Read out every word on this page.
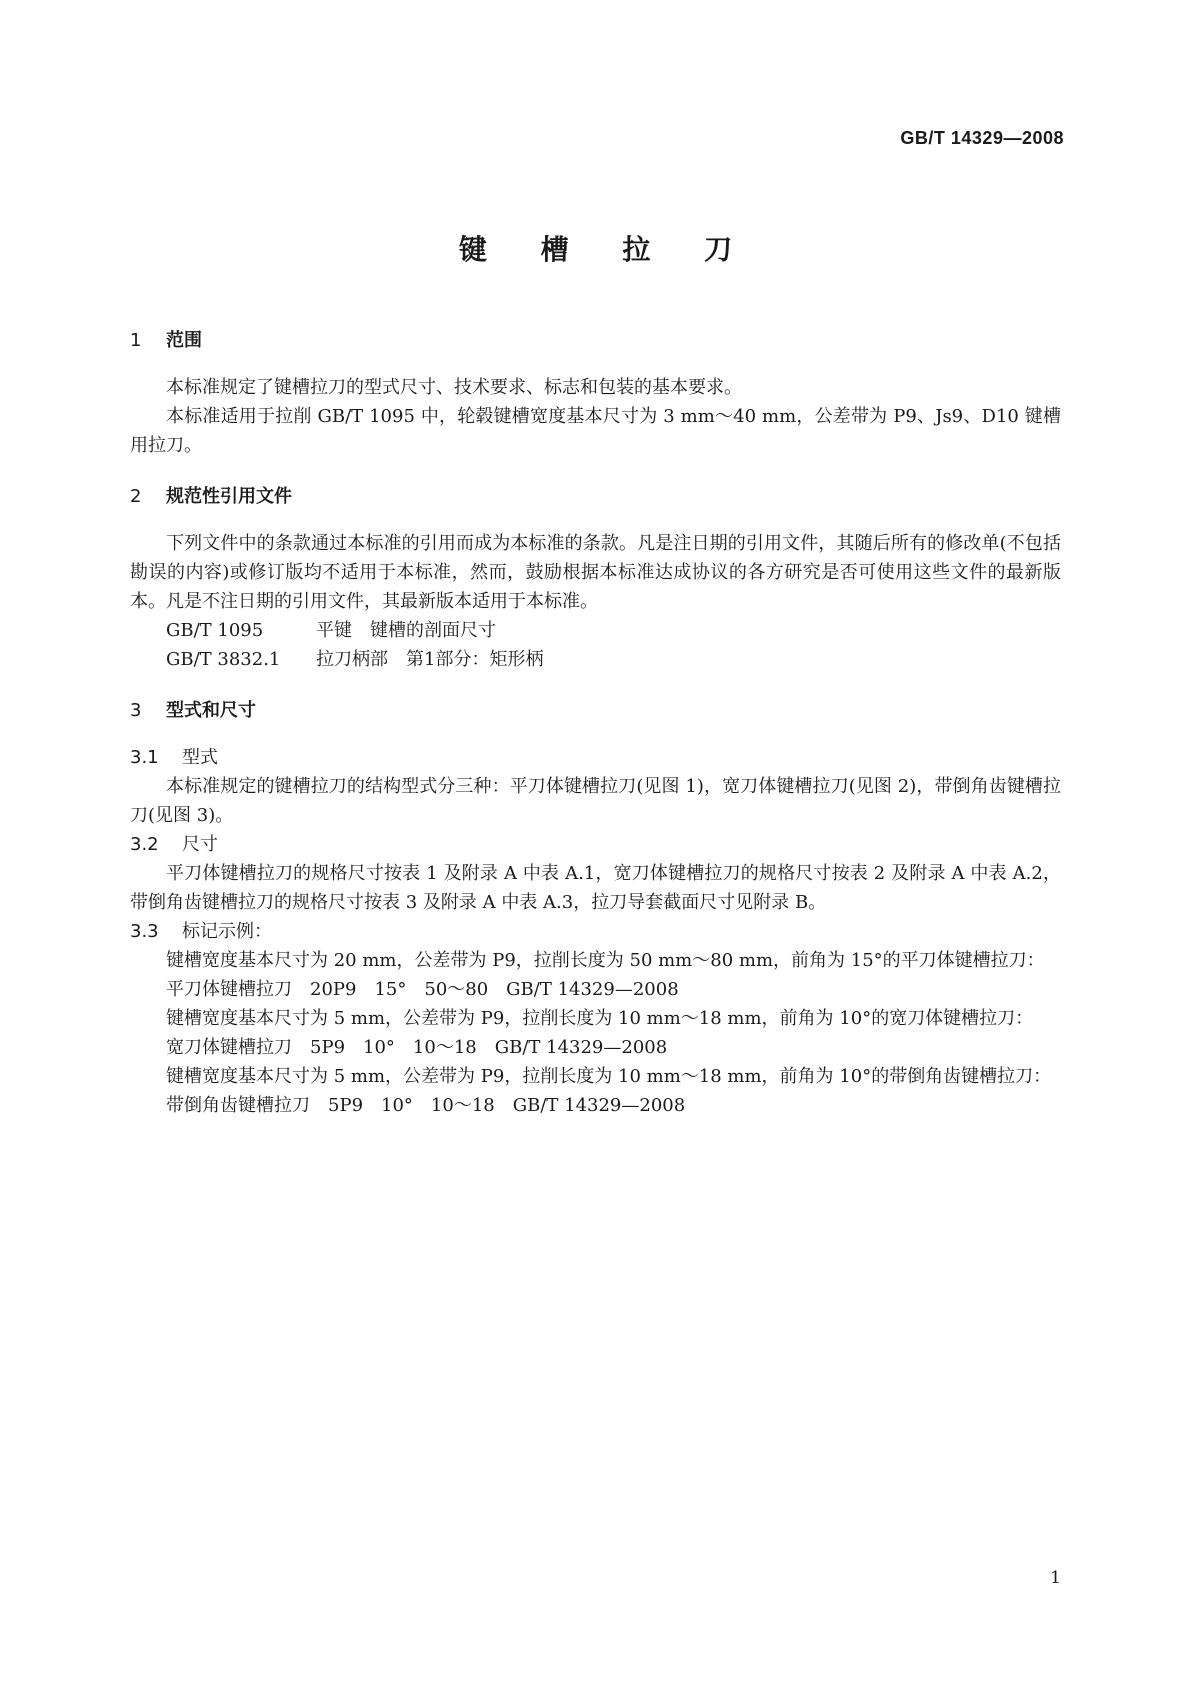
GB/T 14329—2008
键 槽 拉 刀
1 范围

本标准规定了键槽拉刀的型式尺寸、技术要求、标志和包装的基本要求。

本标准适用于拉削 GB/T 1095 中，轮毂键槽宽度基本尺寸为 3 mm～40 mm，公差带为 P9、Js9、D10 键槽用拉刀。

2 规范性引用文件

下列文件中的条款通过本标准的引用而成为本标准的条款。凡是注日期的引用文件，其随后所有的修改单(不包括勘误的内容)或修订版均不适用于本标准，然而，鼓励根据本标准达成协议的各方研究是否可使用这些文件的最新版本。凡是不注日期的引用文件，其最新版本适用于本标准。

GB/T 1095	平键　键槽的剖面尺寸

GB/T 3832.1 拉刀柄部　第1部分：矩形柄

3 型式和尺寸
3.1 型式

本标准规定的键槽拉刀的结构型式分三种：平刀体键槽拉刀(见图 1)，宽刀体键槽拉刀(见图 2)，带倒角齿键槽拉刀(见图 3)。

3.2 尺寸

平刀体键槽拉刀的规格尺寸按表 1 及附录 A 中表 A.1，宽刀体键槽拉刀的规格尺寸按表 2 及附录 A 中表 A.2，带倒角齿键槽拉刀的规格尺寸按表 3 及附录 A 中表 A.3，拉刀导套截面尺寸见附录 B。

3.3 标记示例：

键槽宽度基本尺寸为 20 mm，公差带为 P9，拉削长度为 50 mm～80 mm，前角为 15°的平刀体键槽拉刀：

平刀体键槽拉刀　20P9　15°　50～80　GB/T 14329—2008

键槽宽度基本尺寸为 5 mm，公差带为 P9，拉削长度为 10 mm～18 mm，前角为 10°的宽刀体键槽拉刀：

宽刀体键槽拉刀　5P9　10°　10～18　GB/T 14329—2008

键槽宽度基本尺寸为 5 mm，公差带为 P9，拉削长度为 10 mm～18 mm，前角为 10°的带倒角齿键槽拉刀：

带倒角齿键槽拉刀　5P9　10°　10～18　GB/T 14329—2008

1
